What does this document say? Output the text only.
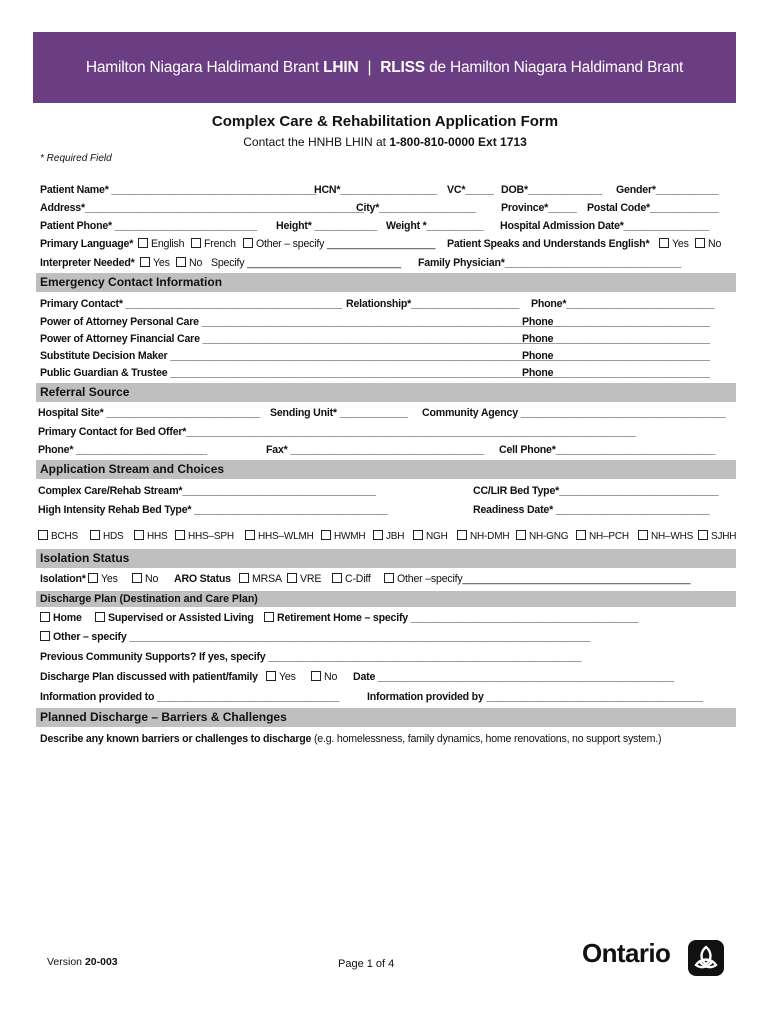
Hamilton Niagara Haldimand Brant
LHIN | RLISS
de Hamilton Niagara Haldimand Brant
Complex Care & Rehabilitation Application Form
Contact the HNHB LHIN at 1-800-810-0000 Ext 1713
* Required Field
Patient Name* ____________________________________
HCN*_________________ VC*_____ DOB*_____________ Gender*___________
Address*_________________________________________________
City*_________________ Province*_____ Postal Code*____________
Patient Phone* _________________________ Height* ___________ Weight *__________ Hospital Admission Date*_______________
Primary Language*	English	French	Other – specify ___________________ Patient Speaks and Understands English*	Yes	No
Interpreter Needed*	Yes	No Specify ___________________________ Family Physician*_______________________________
Emergency Contact Information
Primary Contact* ______________________________________ Relationship*___________________ Phone*__________________________
Power of Attorney Personal Care _______________________________________________________________
Phone ___________________________
Power of Attorney Financial Care ______________________________________________________________
Phone ___________________________
Substitute Decision Maker ____________________________________________________________________
Phone ___________________________
Public Guardian & Trustee ____________________________________________________________________
Phone ___________________________
Referral Source
Hospital Site* ___________________________ Sending Unit* ____________ Community Agency ____________________________________
Primary Contact for Bed Offer*_______________________________________________________________________________
Phone* _______________________	Fax* __________________________________ Cell Phone*____________________________
Application Stream and Choices
Complex Care/Rehab Stream*__________________________________	CC/LIR Bed Type*____________________________
High Intensity Rehab Bed Type* __________________________________	Readiness Date* ___________________________
BCHS	HDS	HHS	HHS–SPH	HHS–WLMH	HWMH	JBH	NGH	NH-DMH	NH-GNG	NH–PCH	NH–WHS	SJHH
Isolation Status
Isolation*	Yes	No ARO Status	MRSA	VRE	C-Diff	Other –specify________________________________________
Discharge Plan (Destination and Care Plan)
Home	Supervised or Assisted Living	Retirement Home – specify ________________________________________
Other – specify _________________________________________________________________________________
Previous Community Supports? If yes, specify _______________________________________________________
Discharge Plan discussed with patient/family	Yes	No Date ____________________________________________________
Information provided to ________________________________	Information provided by ______________________________________
Planned Discharge – Barriers & Challenges
Describe any known barriers or challenges to discharge (e.g. homelessness, family dynamics, home renovations, no support system.)
Version 20-003	Page 1 of 4	Ontario
